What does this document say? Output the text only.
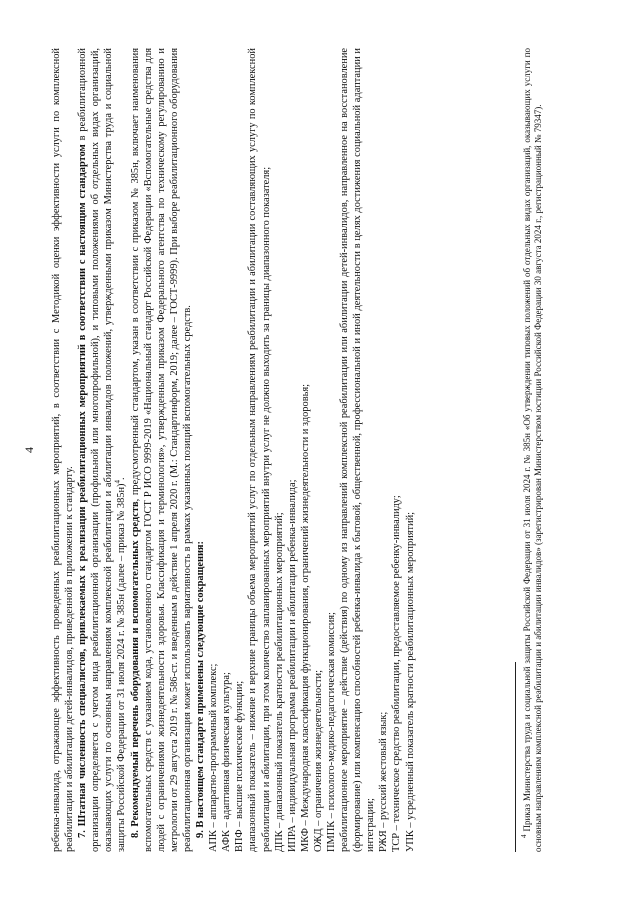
4 ребенка-инвалида, отражающее эффективность проведенных реабилитационных мероприятий, в соответствии с Методикой оценки эффективности услуги по комплексной реабилитации и абилитации детей-инвалидов, приведенной в приложении к стандарту. 7. Штатная численность специалистов, привлекаемых к реализации реабилитационных мероприятий в соответствии с настоящим стандартом в реабилитационной организации определяется с учетом вида реабилитационной организации (профильной или многопрофильной), и типовыми положениями об отдельных видах организаций, оказывающих услуги по основным направлениям комплексной реабилитации и абилитации инвалидов положений, утвержденными приказом Министерства труда и социальной защиты Российской Федерации от 31 июля 2024 г. № 385н (далее – приказ № 385н)$^4$.

8. Рекомендуемый перечень оборудования и вспомогательных средств, предусмотренный стандартом, указан в соответствии с приказом № 385н, включает наименования вспомогательных средств с указанием кода, установленного стандартом ГОСТ Р ИСО 9999-2019 «Национальный стандарт Российской Федерации «Вспомогательные средства для людей с ограничениями жизнедеятельности здоровья. Классификация и терминология», утвержденным приказом Федерального агентства по техническому регулированию и метрологии от 29 августа 2019 г. № 586-ст. и введенным в действие 1 апреля 2020 г. (М.: Стандартинформ, 2019; далее – ГОСТ-9999). При выборе реабилитационного оборудования реабилитационная организация может использовать вариативность в рамках указанных позиций вспомогательных средств. 9. В настоящем стандарте применены следующие сокращения: АПК – аппаратно-программный комплекс; АФК – адаптивная физическая культура; ВПФ – высшие психические функции; диапазонный показатель – нижние и верхние границы объема мероприятий услуг по отдельным направлениям реабилитации и абилитации составляющих услугу по комплексной реабилитации и абилитации, при этом количество запланированных мероприятий внутри услуг не должно выходить за границы диапазонного показателя; ДПК – диапазонный показатель кратности реабилитационных мероприятий; ИПРА – индивидуальная программа реабилитации и абилитации ребенка-инвалида; МКФ – Международная классификация функционирования, ограничений жизнедеятельности и здоровья; ОЖД – ограничения жизнедеятельности; ПМПК – психолого-медико-педагогическая комиссия; реабилитационное мероприятие – действие (действия) по одному из направлений комплексной реабилитации или абилитации детей-инвалидов, направленное на восстановление (формирование) или компенсацию способностей ребенка-инвалида к бытовой, общественной, профессиональной и иной деятельности в целях достижения социальной адаптации и интеграции; РЖЯ – русский жестовый язык; ТСР – техническое средство реабилитации, предоставляемое ребенку-инвалиду; УПК – усредненный показатель кратности реабилитационных мероприятий;	$^4$ Приказ Министерства труда и социальной защиты Российской Федерации от 31 июля 2024 г. № 385н «Об утверждении типовых положений об отдельных видах организаций, оказывающих услуги по основным направлениям комплексной реабилитации и абилитации инвалидов» (зарегистрирован Министерством юстиции Российской Федерации 30 августа 2024 г., регистрационный № 79347).
